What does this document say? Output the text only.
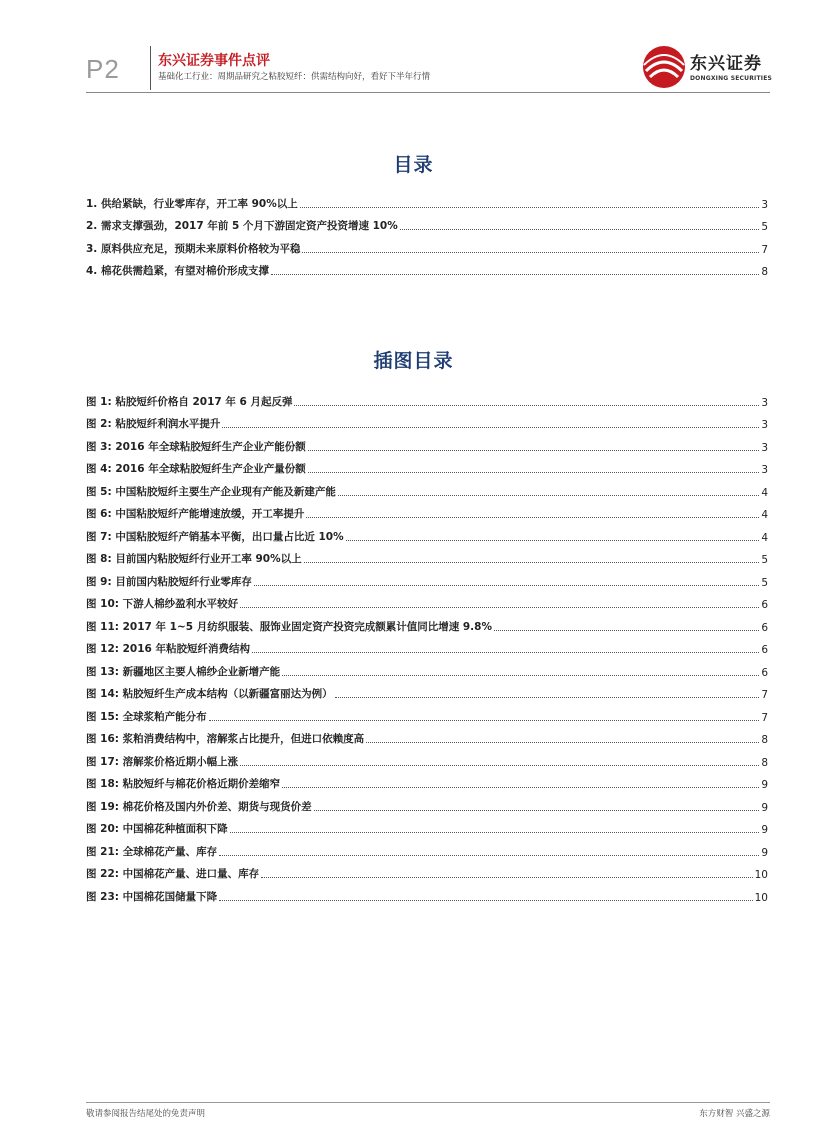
P2	东兴证券事件点评
基础化工行业：周期品研究之粘胶短纤：供需结构向好，看好下半年行情
东兴证券
DONGXING SECURITIES
目录
1. 供给紧缺，行业零库存，开工率 90%以上	3
2. 需求支撑强劲，2017 年前 5 个月下游固定资产投资增速 10%	5
3. 原料供应充足，预期未来原料价格较为平稳	7
4. 棉花供需趋紧，有望对棉价形成支撑	8
插图目录
图 1: 粘胶短纤价格自 2017 年 6 月起反弹	3
图 2: 粘胶短纤利润水平提升	3
图 3: 2016 年全球粘胶短纤生产企业产能份额	3
图 4: 2016 年全球粘胶短纤生产企业产量份额	3
图 5: 中国粘胶短纤主要生产企业现有产能及新建产能	4
图 6: 中国粘胶短纤产能增速放缓，开工率提升	4
图 7: 中国粘胶短纤产销基本平衡，出口量占比近 10%	4
图 8: 目前国内粘胶短纤行业开工率 90%以上	5
图 9: 目前国内粘胶短纤行业零库存	5
图 10: 下游人棉纱盈利水平较好	6
图 11: 2017 年 1~5 月纺织服装、服饰业固定资产投资完成额累计值同比增速 9.8%	6
图 12: 2016 年粘胶短纤消费结构	6
图 13: 新疆地区主要人棉纱企业新增产能	6
图 14: 粘胶短纤生产成本结构（以新疆富丽达为例）	7
图 15: 全球浆粕产能分布	7
图 16: 浆粕消费结构中，溶解浆占比提升，但进口依赖度高	8
图 17: 溶解浆价格近期小幅上涨	8
图 18: 粘胶短纤与棉花价格近期价差缩窄	9
图 19: 棉花价格及国内外价差、期货与现货价差	9
图 20: 中国棉花种植面积下降	9
图 21: 全球棉花产量、库存	9
图 22: 中国棉花产量、进口量、库存	10
图 23: 中国棉花国储量下降	10
敬请参阅报告结尾处的免责声明	东方财智 兴盛之源
